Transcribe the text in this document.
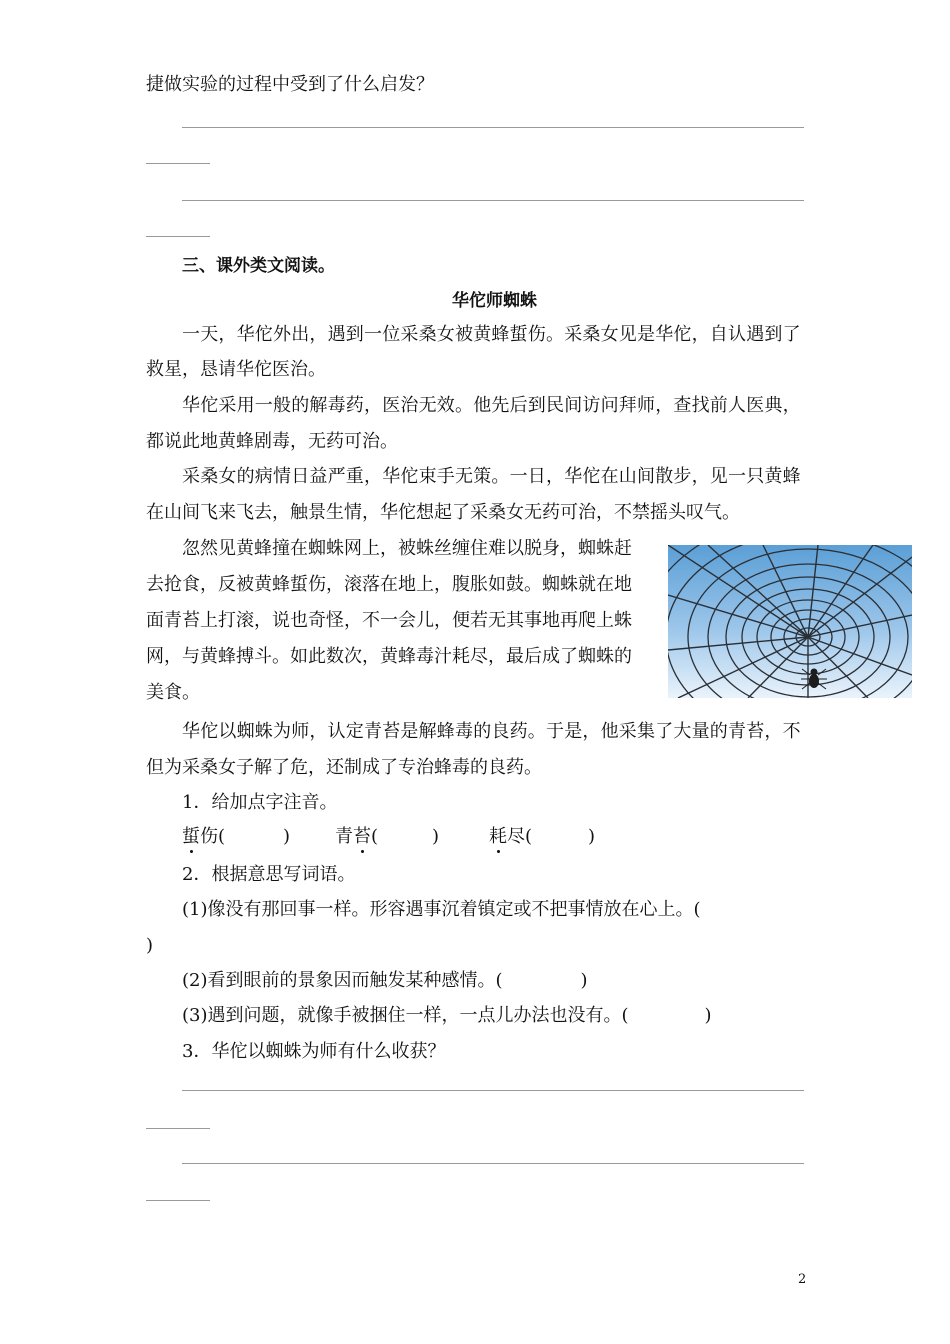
捷做实验的过程中受到了什么启发？
三、课外类文阅读。
华佗师蜘蛛
一天，华佗外出，遇到一位采桑女被黄蜂蜇伤。采桑女见是华佗，自认遇到了
救星，恳请华佗医治。
华佗采用一般的解毒药，医治无效。他先后到民间访问拜师，查找前人医典，
都说此地黄蜂剧毒，无药可治。
采桑女的病情日益严重，华佗束手无策。一日，华佗在山间散步，见一只黄蜂
在山间飞来飞去，触景生情，华佗想起了采桑女无药可治，不禁摇头叹气。
忽然见黄蜂撞在蜘蛛网上，被蛛丝缠住难以脱身，蜘蛛赶
去抢食，反被黄蜂蜇伤，滚落在地上，腹胀如鼓。蜘蛛就在地
面青苔上打滚，说也奇怪，不一会儿，便若无其事地再爬上蛛
网，与黄蜂搏斗。如此数次，黄蜂毒汁耗尽，最后成了蜘蛛的
美食。
华佗以蜘蛛为师，认定青苔是解蜂毒的良药。于是，他采集了大量的青苔，不
但为采桑女子解了危，还制成了专治蜂毒的良药。
1．给加点字注音。
蜇伤(	) 青苔(	)	耗尽(	)
2．根据意思写词语。
(1)像没有那回事一样。形容遇事沉着镇定或不把事情放在心上。(
)
(2)看到眼前的景象因而触发某种感情。(	)
(3)遇到问题，就像手被捆住一样，一点儿办法也没有。(	)
3．华佗以蜘蛛为师有什么收获？
2
